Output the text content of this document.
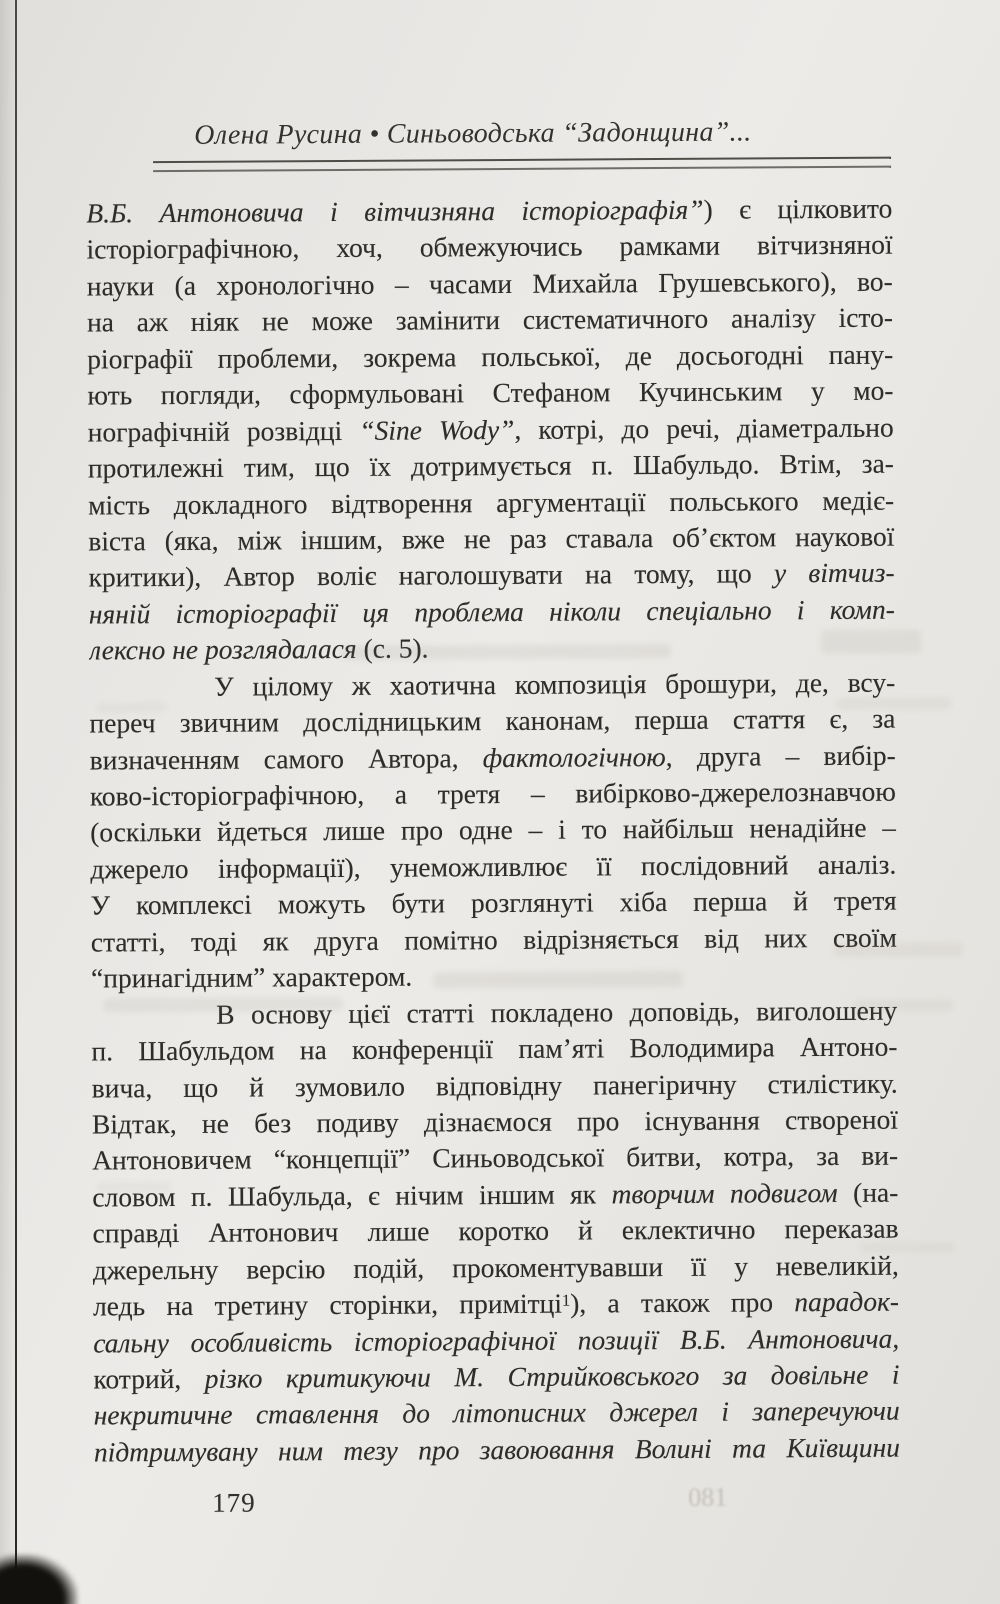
Олена Русина • Синьоводська “Задонщина”...
В.Б. Антоновича і вітчизняна історіографія”) є цілковито
історіографічною, хоч, обмежуючись рамками вітчизняної
науки (а хронологічно – часами Михайла Грушевського), во-
на аж ніяк не може замінити систематичного аналізу істо-
ріографії проблеми, зокрема польської, де досьогодні пану-
ють погляди, сформульовані Стефаном Кучинським у мо-
нографічній розвідці “Sine Wody”, котрі, до речі, діаметрально
протилежні тим, що їх дотримується п. Шабульдо. Втім, за-
мість докладного відтворення аргументації польського медіє-
віста (яка, між іншим, вже не раз ставала об’єктом наукової
критики), Автор воліє наголошувати на тому, що у вітчиз-
няній історіографії ця проблема ніколи спеціально і комп-
лексно не розглядалася (с. 5).
У цілому ж хаотична композиція брошури, де, всу-
переч звичним дослідницьким канонам, перша стаття є, за
визначенням самого Автора, фактологічною, друга – вибір-
ково-історіографічною, а третя – вибірково-джерелознавчою
(оскільки йдеться лише про одне – і то найбільш ненадійне –
джерело інформації), унеможливлює її послідовний аналіз.
У комплексі можуть бути розглянуті хіба перша й третя
статті, тоді як друга помітно відрізняється від них своїм
“принагідним” характером.
В основу цієї статті покладено доповідь, виголошену
п. Шабульдом на конференції пам’яті Володимира Антоно-
вича, що й зумовило відповідну панегіричну стилістику.
Відтак, не без подиву дізнаємося про існування створеної
Антоновичем “концепції” Синьоводської битви, котра, за ви-
словом п. Шабульда, є нічим іншим як творчим подвигом (на-
справді Антонович лише коротко й еклектично переказав
джерельну версію подій, прокоментувавши її у невеликій,
ледь на третину сторінки, примітці$^1$), а також про парадок-
сальну особливість історіографічної позиції В.Б. Антоновича,
котрий, різко критикуючи М. Стрийковського за довільне і
некритичне ставлення до літописних джерел і заперечуючи
підтримувану ним тезу про завоювання Волині та Київщини
179	081
